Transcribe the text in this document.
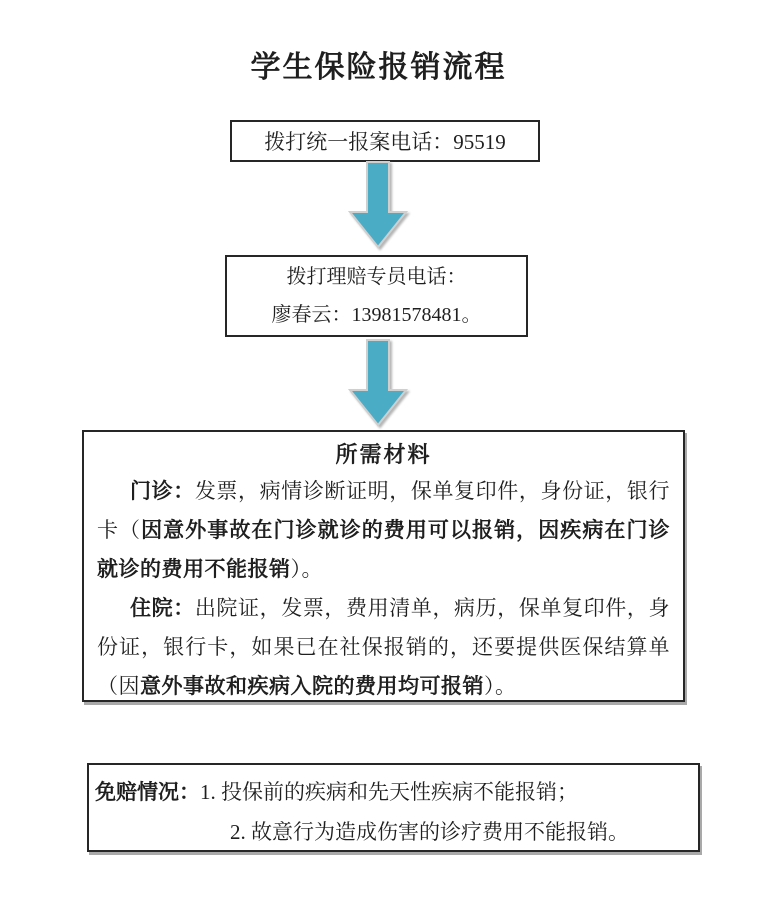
学生保险报销流程
拨打统一报案电话：95519
拨打理赔专员电话：
廖春云：13981578481。
所需材料

门诊：发票，病情诊断证明，保单复印件，身份证，银行卡（因意外事故在门诊就诊的费用可以报销，因疾病在门诊就诊的费用不能报销）。

住院：出院证，发票，费用清单，病历，保单复印件，身份证，银行卡，如果已在社保报销的，还要提供医保结算单（因意外事故和疾病入院的费用均可报销）。

免赔情况： 1. 投保前的疾病和先天性疾病不能报销；
2. 故意行为造成伤害的诊疗费用不能报销。
